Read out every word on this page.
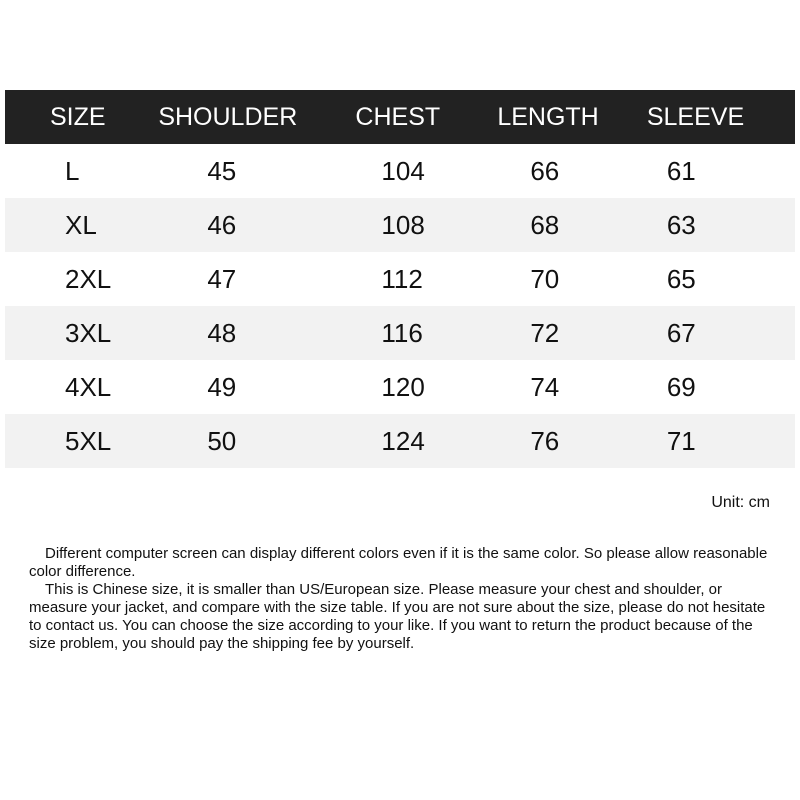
SIZE	SHOULDER	CHEST	LENGTH	SLEEVE
L	45	104	66	61
XL	46	108	68	63
2XL	47	112	70	65
3XL	48	116	72	67
4XL	49	120	74	69
5XL	50	124	76	71
Unit: cm

Different computer screen can display different colors even if it is the same color. So please allow reasonable color difference.

This is Chinese size, it is smaller than US/European size. Please measure your chest and shoulder, or measure your jacket, and compare with the size table. If you are not sure about the size, please do not hesitate to contact us. You can choose the size according to your like. If you want to return the product because of the size problem, you should pay the shipping fee by yourself.
